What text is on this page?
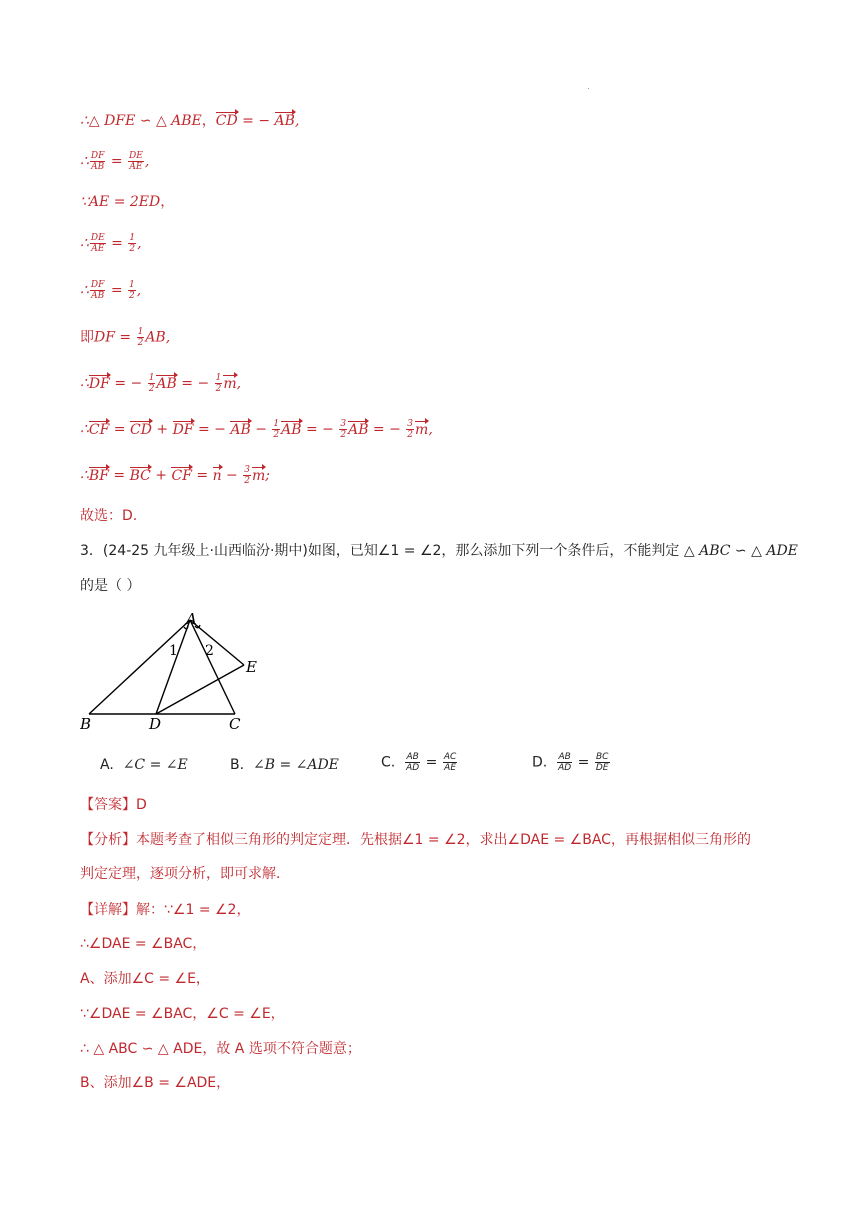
∴△ DFE ∽ △ ABE，CD = − AB,
∴ $\frac{DF}{AB} = \frac{DE}{AE}$ ,
∵AE = 2ED，
∴ $\frac{DE}{AE} = \frac{1}{2}$ ,
∴ $\frac{DF}{AB} = \frac{1}{2}$ ,
即DF = $\frac{1}{2}$ AB,
∴DF = − $\frac{1}{2}$ AB = − $\frac{1}{2} m$,
∴CF = CD + DF = − AB − $\frac{1}{2}$ AB = − $\frac{3}{2}$ AB = − $\frac{3}{2} m$,
∴BF = BC + CF = $n - \frac{3}{2} m$;
故选：D.
3．(24-25 九年级上·山西临汾·期中)如图，已知∠1 = ∠2，那么添加下列一个条件后，不能判定 △ ABC ∽ △ ADE
的是（ ）
A
B	C
D
E
1 2
A. ∠C = ∠E	B. ∠B = ∠ADE	C. $\frac{AB}{AD} = \frac{AC}{AE}$	D. $\frac{AB}{AD} = \frac{BC}{DE}$
【答案】D
【分析】本题考查了相似三角形的判定定理．先根据∠1 = ∠2，求出∠DAE = ∠BAC，再根据相似三角形的
判定定理，逐项分析，即可求解．
【详解】解：∵∠1 = ∠2，
∴∠DAE = ∠BAC，
A、添加∠C = ∠E，
∵∠DAE = ∠BAC，∠C = ∠E，
∴ △ ABC ∽ △ ADE，故 A 选项不符合题意；
B、添加∠B = ∠ADE，
